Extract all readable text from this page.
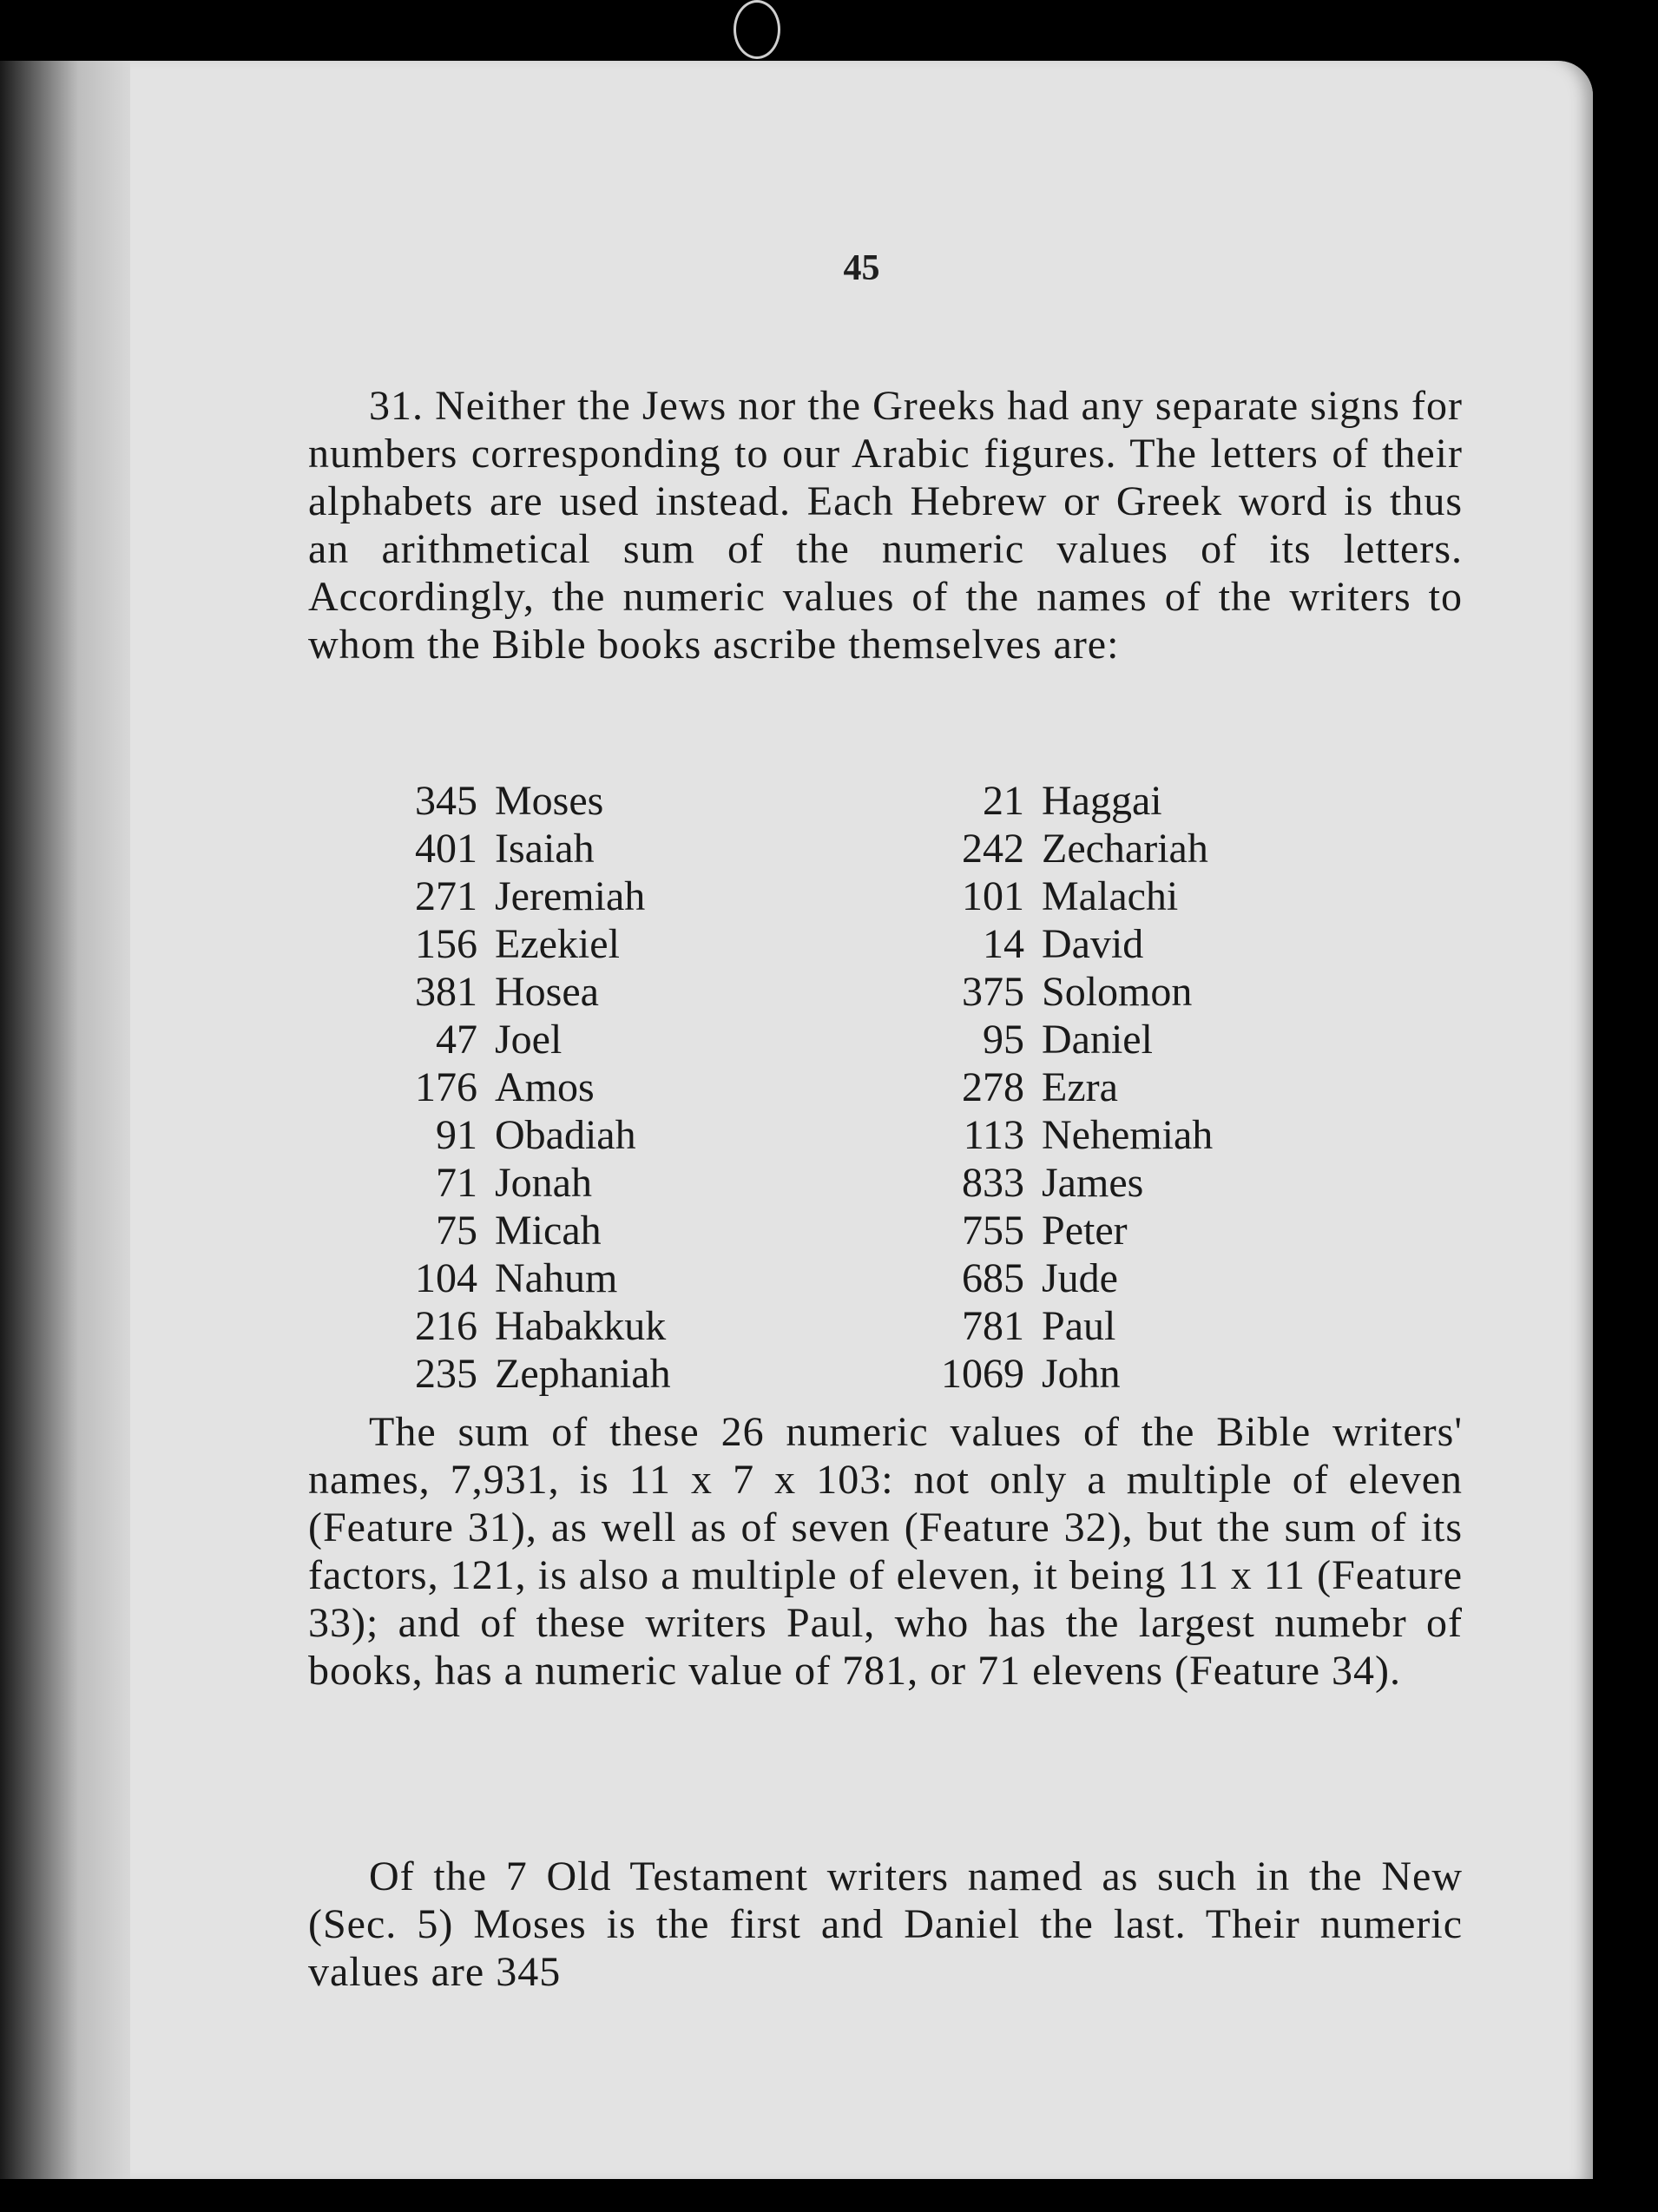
45

31. Neither the Jews nor the Greeks had any separate signs for numbers corresponding to our Arabic figures. The letters of their alphabets are used instead. Each Hebrew or Greek word is thus an arithmetical sum of the numeric values of its letters. Accordingly, the numeric values of the names of the writers to whom the Bible books ascribe themselves are:

345 Moses
401 Isaiah
271 Jeremiah
156 Ezekiel
381 Hosea
47 Joel
176 Amos
91 Obadiah
71 Jonah
75 Micah
104 Nahum
216 Habakkuk
235 Zephaniah
21 Haggai
242 Zechariah
101 Malachi
14 David
375 Solomon
95 Daniel
278 Ezra
113 Nehemiah
833 James
755 Peter
685 Jude
781 Paul
1069 John

The sum of these 26 numeric values of the Bible writers' names, 7,931, is 11 x 7 x 103: not only a multiple of eleven (Feature 31), as well as of seven (Feature 32), but the sum of its factors, 121, is also a multiple of eleven, it being 11 x 11 (Feature 33); and of these writers Paul, who has the largest numebr of books, has a numeric value of 781, or 71 elevens (Feature 34).

Of the 7 Old Testament writers named as such in the New (Sec. 5) Moses is the first and Daniel the last. Their numeric values are 345
